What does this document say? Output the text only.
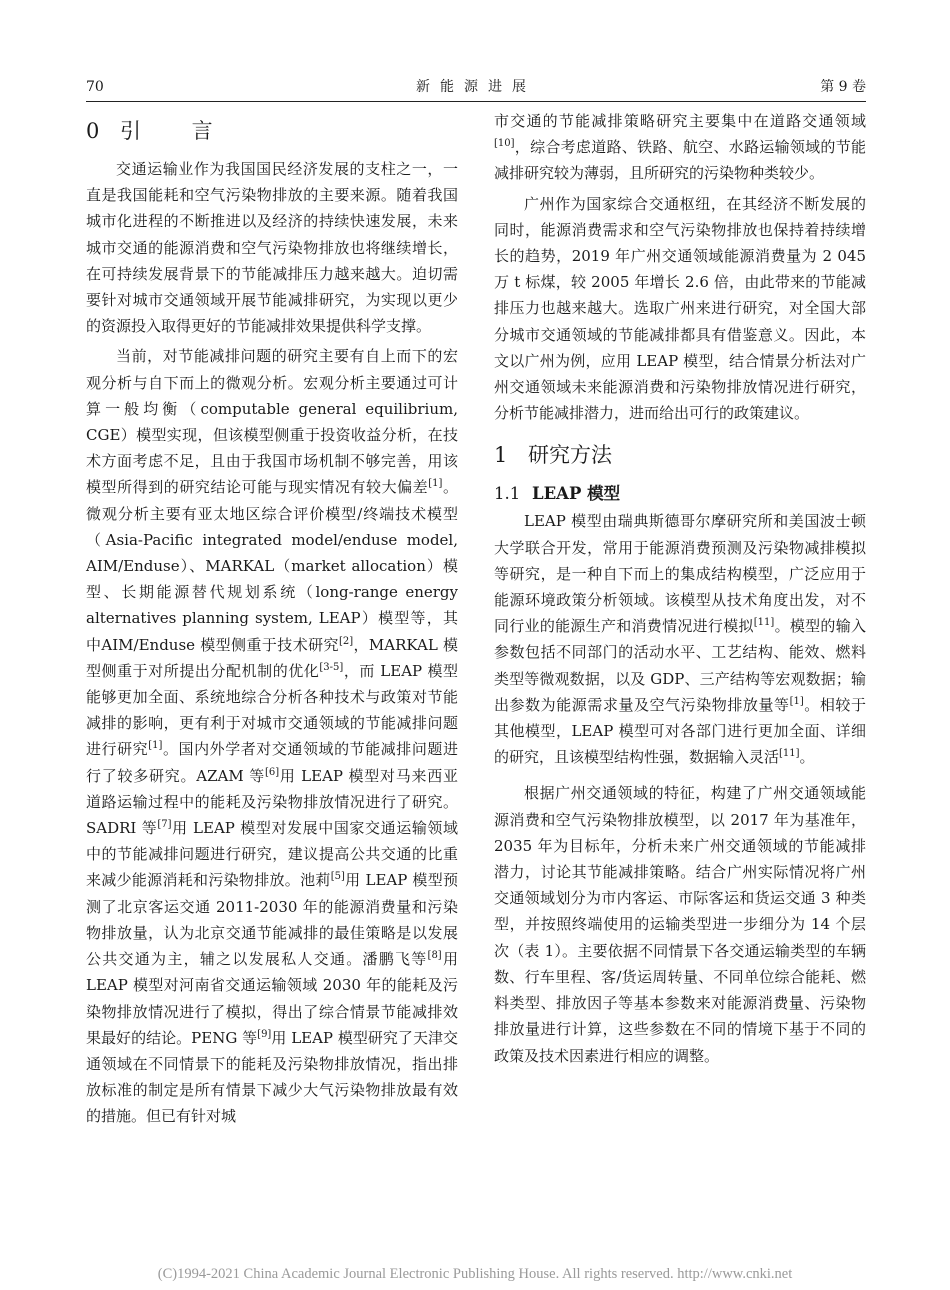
70	新能源进展	第 9 卷
0 引 言

交通运输业作为我国国民经济发展的支柱之一，一直是我国能耗和空气污染物排放的主要来源。随着我国城市化进程的不断推进以及经济的持续快速发展，未来城市交通的能源消费和空气污染物排放也将继续增长，在可持续发展背景下的节能减排压力越来越大。迫切需要针对城市交通领域开展节能减排研究，为实现以更少的资源投入取得更好的节能减排效果提供科学支撑。

当前，对节能减排问题的研究主要有自上而下的宏观分析与自下而上的微观分析。宏观分析主要通过可计算一般均衡（computable general equilibrium, CGE）模型实现，但该模型侧重于投资收益分析，在技术方面考虑不足，且由于我国市场机制不够完善，用该模型所得到的研究结论可能与现实情况有较大偏差[1]。微观分析主要有亚太地区综合评价模型/终端技术模型（Asia-Pacific integrated model/enduse model, AIM/Enduse）、MARKAL（market allocation）模型、长期能源替代规划系统（long-range energy alternatives planning system, LEAP）模型等，其中AIM/Enduse 模型侧重于技术研究[2]，MARKAL 模型侧重于对所提出分配机制的优化[3-5]，而 LEAP 模型能够更加全面、系统地综合分析各种技术与政策对节能减排的影响，更有利于对城市交通领域的节能减排问题进行研究[1]。国内外学者对交通领域的节能减排问题进行了较多研究。AZAM 等[6]用 LEAP 模型对马来西亚道路运输过程中的能耗及污染物排放情况进行了研究。SADRI 等[7]用 LEAP 模型对发展中国家交通运输领域中的节能减排问题进行研究，建议提高公共交通的比重来减少能源消耗和污染物排放。池莉[5]用 LEAP 模型预测了北京客运交通 2011-2030 年的能源消费量和污染物排放量，认为北京交通节能减排的最佳策略是以发展公共交通为主，辅之以发展私人交通。潘鹏飞等[8]用 LEAP 模型对河南省交通运输领域 2030 年的能耗及污染物排放情况进行了模拟，得出了综合情景节能减排效果最好的结论。PENG 等[9]用 LEAP 模型研究了天津交通领域在不同情景下的能耗及污染物排放情况，指出排放标准的制定是所有情景下减少大气污染物排放最有效的措施。但已有针对城

市交通的节能减排策略研究主要集中在道路交通领域[10]，综合考虑道路、铁路、航空、水路运输领域的节能减排研究较为薄弱，且所研究的污染物种类较少。

广州作为国家综合交通枢纽，在其经济不断发展的同时，能源消费需求和空气污染物排放也保持着持续增长的趋势，2019 年广州交通领域能源消费量为 2 045 万 t 标煤，较 2005 年增长 2.6 倍，由此带来的节能减排压力也越来越大。选取广州来进行研究，对全国大部分城市交通领域的节能减排都具有借鉴意义。因此，本文以广州为例，应用 LEAP 模型，结合情景分析法对广州交通领域未来能源消费和污染物排放情况进行研究，分析节能减排潜力，进而给出可行的政策建议。

1 研究方法
1.1 LEAP 模型

LEAP 模型由瑞典斯德哥尔摩研究所和美国波士顿大学联合开发，常用于能源消费预测及污染物减排模拟等研究，是一种自下而上的集成结构模型，广泛应用于能源环境政策分析领域。该模型从技术角度出发，对不同行业的能源生产和消费情况进行模拟[11]。模型的输入参数包括不同部门的活动水平、工艺结构、能效、燃料类型等微观数据，以及 GDP、三产结构等宏观数据；输出参数为能源需求量及空气污染物排放量等[1]。相较于其他模型，LEAP 模型可对各部门进行更加全面、详细的研究，且该模型结构性强，数据输入灵活[11]。

根据广州交通领域的特征，构建了广州交通领域能源消费和空气污染物排放模型，以 2017 年为基准年，2035 年为目标年，分析未来广州交通领域的节能减排潜力，讨论其节能减排策略。结合广州实际情况将广州交通领域划分为市内客运、市际客运和货运交通 3 种类型，并按照终端使用的运输类型进一步细分为 14 个层次（表 1）。主要依据不同情景下各交通运输类型的车辆数、行车里程、客/货运周转量、不同单位综合能耗、燃料类型、排放因子等基本参数来对能源消费量、污染物排放量进行计算，这些参数在不同的情境下基于不同的政策及技术因素进行相应的调整。

(C)1994-2021 China Academic Journal Electronic Publishing House. All rights reserved. http://www.cnki.net
